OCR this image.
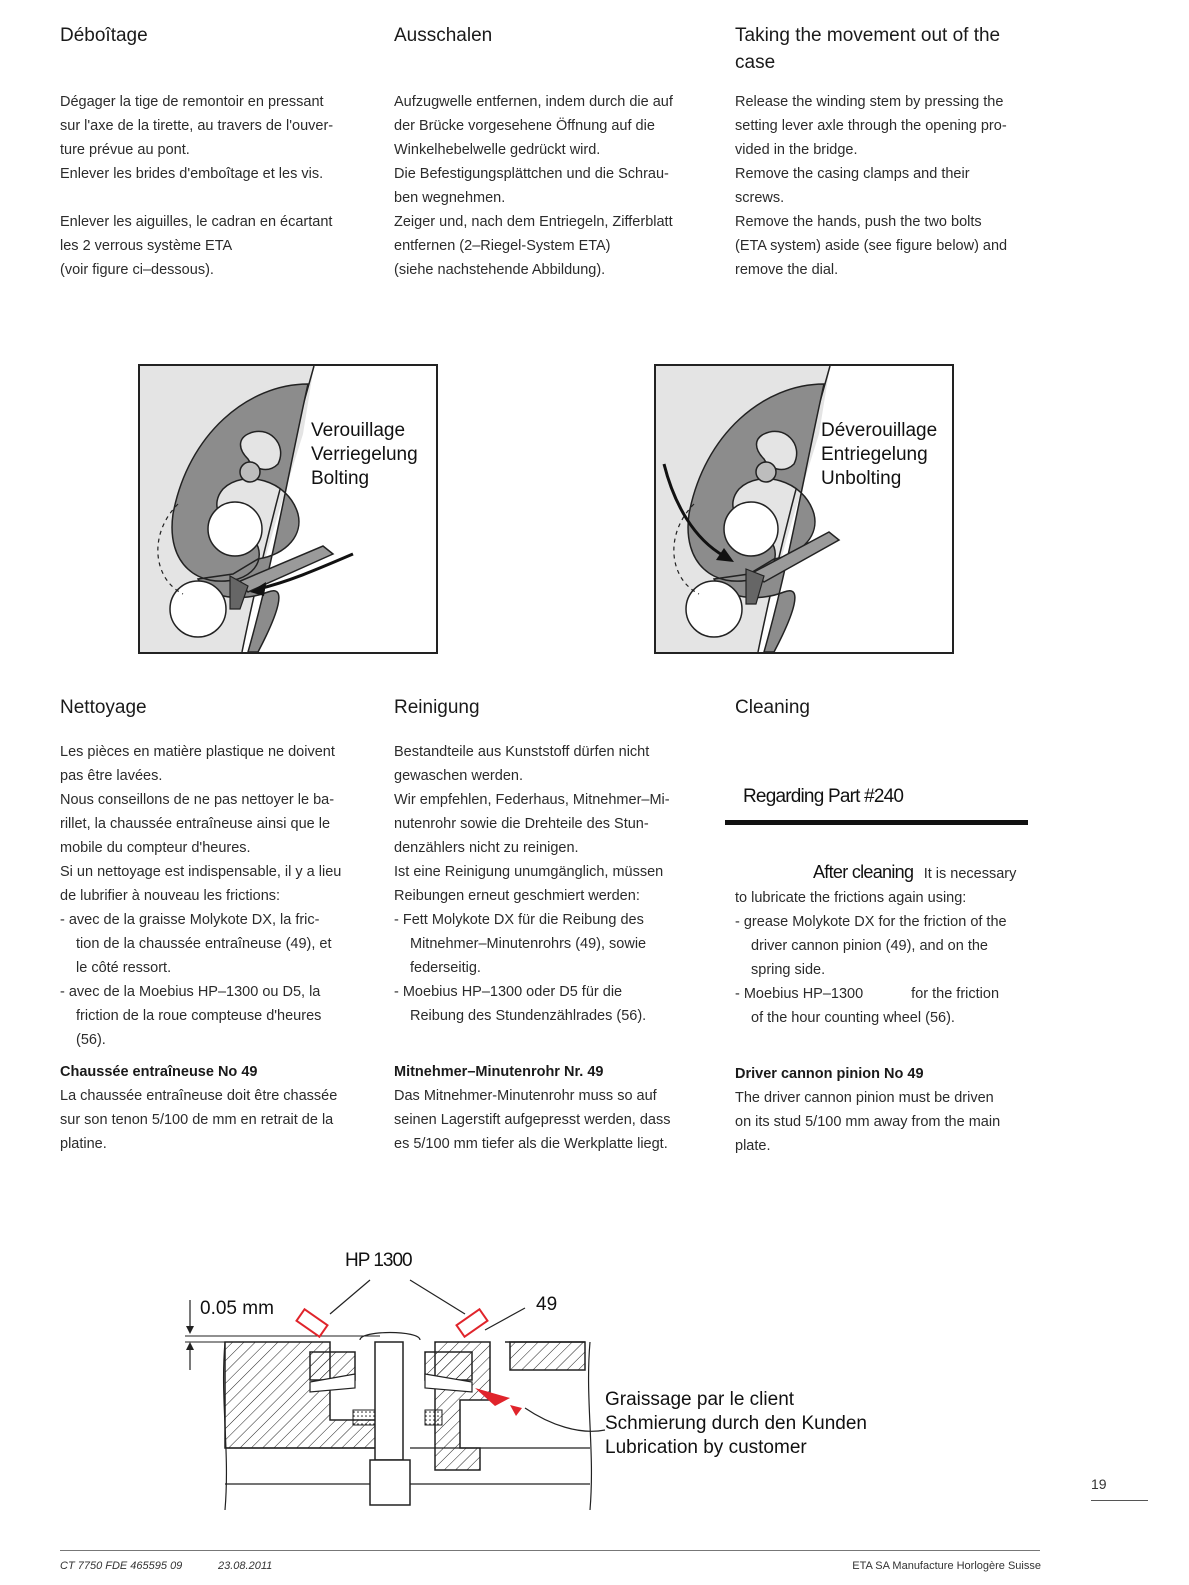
Déboîtage
Dégager la tige de remontoir en pressant
sur l'axe de la tirette, au travers de l'ouver-
ture prévue au pont.
Enlever les brides d'emboîtage et les vis.
Enlever les aiguilles, le cadran en écartant
les 2 verrous système ETA
(voir figure ci–dessous).
Ausschalen
Aufzugwelle entfernen, indem durch die auf
der Brücke vorgesehene Öffnung auf die
Winkelhebelwelle gedrückt wird.
Die Befestigungsplättchen und die Schrau-
ben wegnehmen.
Zeiger und, nach dem Entriegeln, Zifferblatt
entfernen (2–Riegel-System ETA)
(siehe nachstehende Abbildung).
Taking the movement out of the
case
Release the winding stem by pressing the
setting lever axle through the opening pro-
vided in the bridge.
Remove the casing clamps and their
screws.
Remove the hands, push the two bolts
(ETA system) aside (see figure below) and
remove the dial.
Verouillage
Verriegelung
Bolting
Déverouillage
Entriegelung
Unbolting
Nettoyage
Les pièces en matière plastique ne doivent
pas être lavées.
Nous conseillons de ne pas nettoyer le ba-
rillet, la chaussée entraîneuse ainsi que le
mobile du compteur d'heures.
Si un nettoyage est indispensable, il y a lieu
de lubrifier à nouveau les frictions:
- avec de la graisse Molykote DX, la fric-
tion de la chaussée entraîneuse (49), et
le côté ressort.
- avec de la Moebius HP–1300 ou D5, la
friction de la roue compteuse d'heures
(56).
Chaussée entraîneuse No 49
La chaussée entraîneuse doit être chassée
sur son tenon 5/100 de mm en retrait de la
platine.
Reinigung
Bestandteile aus Kunststoff dürfen nicht
gewaschen werden.
Wir empfehlen, Federhaus, Mitnehmer–Mi-
nutenrohr sowie die Drehteile des Stun-
denzählers nicht zu reinigen.
Ist eine Reinigung unumgänglich, müssen
Reibungen erneut geschmiert werden:
- Fett Molykote DX für die Reibung des
Mitnehmer–Minutenrohrs (49), sowie
federseitig.
- Moebius HP–1300 oder D5 für die
Reibung des Stundenzählrades (56).
Mitnehmer–Minutenrohr Nr. 49
Das Mitnehmer-Minutenrohr muss so auf
seinen Lagerstift aufgepresst werden, dass
es 5/100 mm tiefer als die Werkplatte liegt.
Cleaning
Regarding Part #240
After cleaning It is necessary
to lubricate the frictions again using:
- grease Molykote DX for the friction of the
driver cannon pinion (49), and on the
spring side.
- Moebius HP–1300	for the friction
of the hour counting wheel (56).
Driver cannon pinion No 49
The driver cannon pinion must be driven
on its stud 5/100 mm away from the main
plate.
HP 1300
0.05 mm	49
Graissage par le client
Schmierung durch den Kunden
Lubrication by customer
19
CT 7750 FDE 465595 09	23.08.2011	ETA SA Manufacture Horlogère Suisse
